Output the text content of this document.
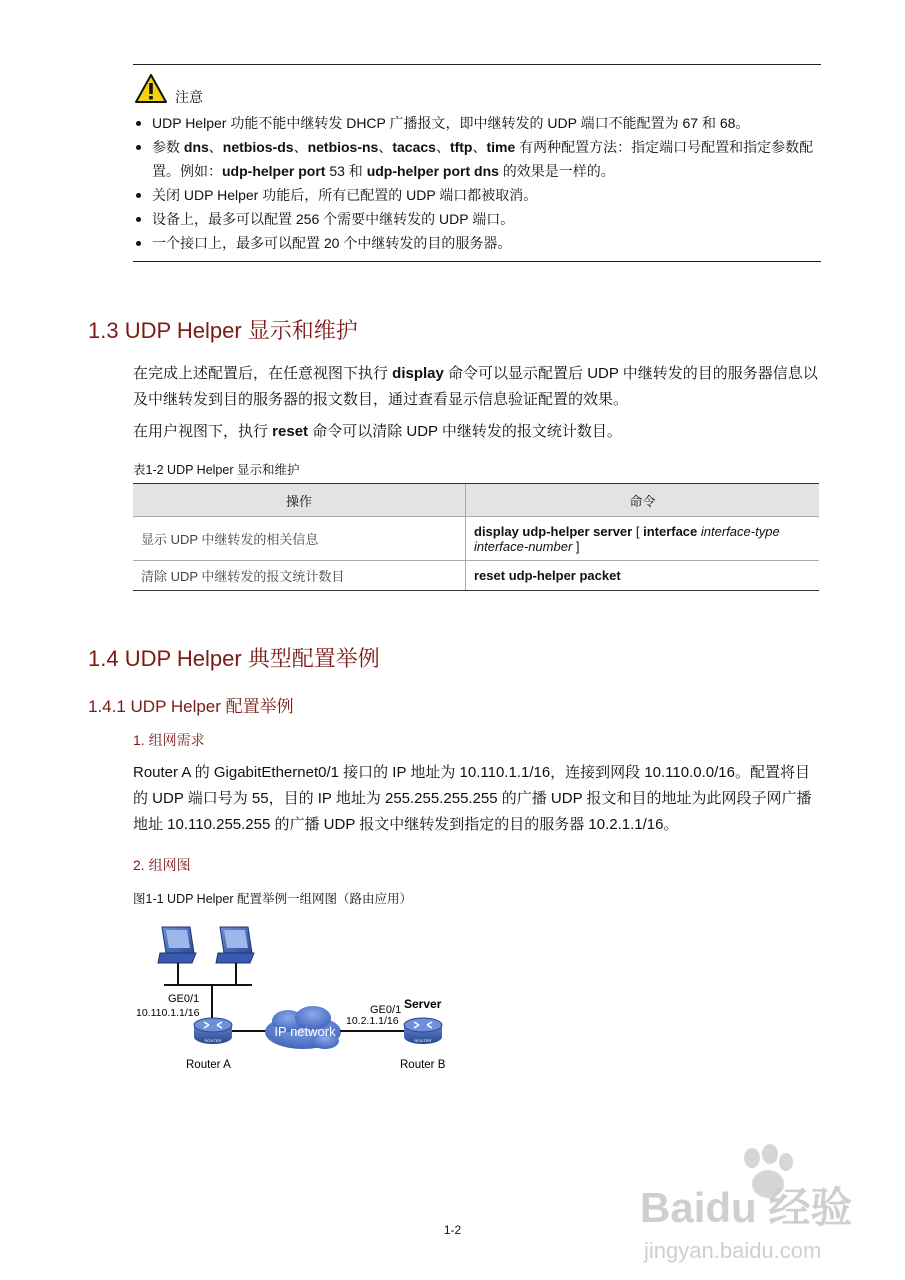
注意
UDP Helper 功能不能中继转发 DHCP 广播报文，即中继转发的 UDP 端口不能配置为 67 和 68。
参数 dns、netbios-ds、netbios-ns、tacacs、tftp、time 有两种配置方法：指定端口号配置和指定参数配置。例如：udp-helper port 53 和 udp-helper port dns 的效果是一样的。
关闭 UDP Helper 功能后，所有已配置的 UDP 端口都被取消。
设备上，最多可以配置 256 个需要中继转发的 UDP 端口。
一个接口上，最多可以配置 20 个中继转发的目的服务器。
1.3 UDP Helper 显示和维护
在完成上述配置后，在任意视图下执行 display 命令可以显示配置后 UDP 中继转发的目的服务器信息以及中继转发到目的服务器的报文数目，通过查看显示信息验证配置的效果。
在用户视图下，执行 reset 命令可以清除 UDP 中继转发的报文统计数目。
表1-2 UDP Helper 显示和维护
操作	命令
显示 UDP 中继转发的相关信息	display udp-helper server [ interface interface-type interface-number ]
清除 UDP 中继转发的报文统计数目	reset udp-helper packet
1.4 UDP Helper 典型配置举例
1.4.1 UDP Helper 配置举例
1. 组网需求
Router A 的 GigabitEthernet0/1 接口的 IP 地址为 10.110.1.1/16，连接到网段 10.110.0.0/16。配置将目的 UDP 端口号为 55，目的 IP 地址为 255.255.255.255 的广播 UDP 报文和目的地址为此网段子网广播地址 10.110.255.255 的广播 UDP 报文中继转发到指定的目的服务器 10.2.1.1/16。
2. 组网图
图1-1 UDP Helper 配置举例一组网图（路由应用）
ROUTER
IP network
ROUTER
GE0/1
10.110.1.1/16
Router A
GE0/1 Server
10.2.1.1/16
Router B
1-2	Baidu 经验
jingyan.baidu.com
